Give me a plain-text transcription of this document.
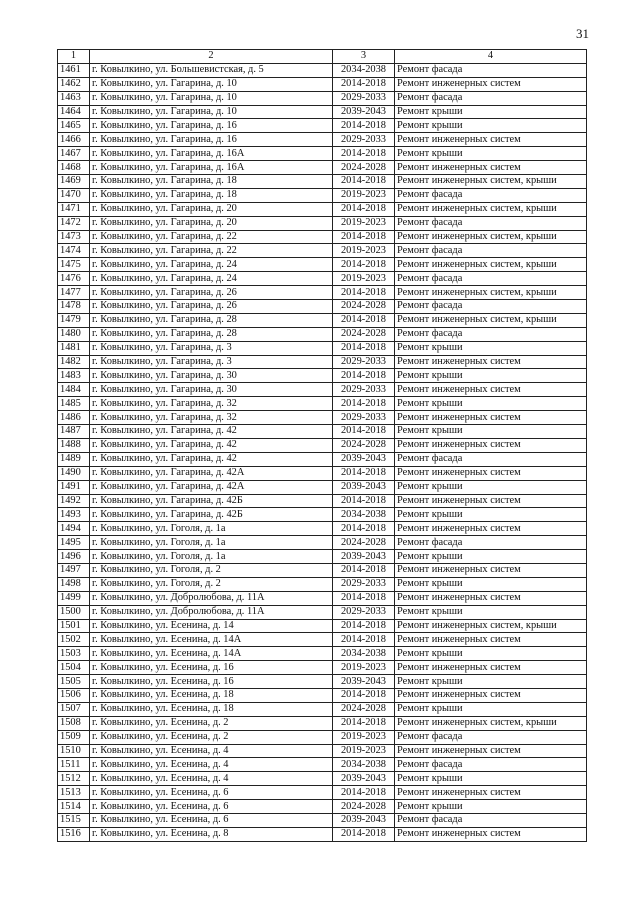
31
1	2	3	4
1461	г. Ковылкино, ул. Большевистская, д. 5	2034-2038	Ремонт фасада
1462	г. Ковылкино, ул. Гагарина, д. 10	2014-2018	Ремонт инженерных систем
1463	г. Ковылкино, ул. Гагарина, д. 10	2029-2033	Ремонт фасада
1464	г. Ковылкино, ул. Гагарина, д. 10	2039-2043	Ремонт крыши
1465	г. Ковылкино, ул. Гагарина, д. 16	2014-2018	Ремонт крыши
1466	г. Ковылкино, ул. Гагарина, д. 16	2029-2033	Ремонт инженерных систем
1467	г. Ковылкино, ул. Гагарина, д. 16А	2014-2018	Ремонт крыши
1468	г. Ковылкино, ул. Гагарина, д. 16А	2024-2028	Ремонт инженерных систем
1469	г. Ковылкино, ул. Гагарина, д. 18	2014-2018	Ремонт инженерных систем, крыши
1470	г. Ковылкино, ул. Гагарина, д. 18	2019-2023	Ремонт фасада
1471	г. Ковылкино, ул. Гагарина, д. 20	2014-2018	Ремонт инженерных систем, крыши
1472	г. Ковылкино, ул. Гагарина, д. 20	2019-2023	Ремонт фасада
1473	г. Ковылкино, ул. Гагарина, д. 22	2014-2018	Ремонт инженерных систем, крыши
1474	г. Ковылкино, ул. Гагарина, д. 22	2019-2023	Ремонт фасада
1475	г. Ковылкино, ул. Гагарина, д. 24	2014-2018	Ремонт инженерных систем, крыши
1476	г. Ковылкино, ул. Гагарина, д. 24	2019-2023	Ремонт фасада
1477	г. Ковылкино, ул. Гагарина, д. 26	2014-2018	Ремонт инженерных систем, крыши
1478	г. Ковылкино, ул. Гагарина, д. 26	2024-2028	Ремонт фасада
1479	г. Ковылкино, ул. Гагарина, д. 28	2014-2018	Ремонт инженерных систем, крыши
1480	г. Ковылкино, ул. Гагарина, д. 28	2024-2028	Ремонт фасада
1481	г. Ковылкино, ул. Гагарина, д. 3	2014-2018	Ремонт крыши
1482	г. Ковылкино, ул. Гагарина, д. 3	2029-2033	Ремонт инженерных систем
1483	г. Ковылкино, ул. Гагарина, д. 30	2014-2018	Ремонт крыши
1484	г. Ковылкино, ул. Гагарина, д. 30	2029-2033	Ремонт инженерных систем
1485	г. Ковылкино, ул. Гагарина, д. 32	2014-2018	Ремонт крыши
1486	г. Ковылкино, ул. Гагарина, д. 32	2029-2033	Ремонт инженерных систем
1487	г. Ковылкино, ул. Гагарина, д. 42	2014-2018	Ремонт крыши
1488	г. Ковылкино, ул. Гагарина, д. 42	2024-2028	Ремонт инженерных систем
1489	г. Ковылкино, ул. Гагарина, д. 42	2039-2043	Ремонт фасада
1490	г. Ковылкино, ул. Гагарина, д. 42А	2014-2018	Ремонт инженерных систем
1491	г. Ковылкино, ул. Гагарина, д. 42А	2039-2043	Ремонт крыши
1492	г. Ковылкино, ул. Гагарина, д. 42Б	2014-2018	Ремонт инженерных систем
1493	г. Ковылкино, ул. Гагарина, д. 42Б	2034-2038	Ремонт крыши
1494	г. Ковылкино, ул. Гоголя, д. 1а	2014-2018	Ремонт инженерных систем
1495	г. Ковылкино, ул. Гоголя, д. 1а	2024-2028	Ремонт фасада
1496	г. Ковылкино, ул. Гоголя, д. 1а	2039-2043	Ремонт крыши
1497	г. Ковылкино, ул. Гоголя, д. 2	2014-2018	Ремонт инженерных систем
1498	г. Ковылкино, ул. Гоголя, д. 2	2029-2033	Ремонт крыши
1499	г. Ковылкино, ул. Добролюбова, д. 11А	2014-2018	Ремонт инженерных систем
1500	г. Ковылкино, ул. Добролюбова, д. 11А	2029-2033	Ремонт крыши
1501	г. Ковылкино, ул. Есенина, д. 14	2014-2018	Ремонт инженерных систем, крыши
1502	г. Ковылкино, ул. Есенина, д. 14А	2014-2018	Ремонт инженерных систем
1503	г. Ковылкино, ул. Есенина, д. 14А	2034-2038	Ремонт крыши
1504	г. Ковылкино, ул. Есенина, д. 16	2019-2023	Ремонт инженерных систем
1505	г. Ковылкино, ул. Есенина, д. 16	2039-2043	Ремонт крыши
1506	г. Ковылкино, ул. Есенина, д. 18	2014-2018	Ремонт инженерных систем
1507	г. Ковылкино, ул. Есенина, д. 18	2024-2028	Ремонт крыши
1508	г. Ковылкино, ул. Есенина, д. 2	2014-2018	Ремонт инженерных систем, крыши
1509	г. Ковылкино, ул. Есенина, д. 2	2019-2023	Ремонт фасада
1510	г. Ковылкино, ул. Есенина, д. 4	2019-2023	Ремонт инженерных систем
1511	г. Ковылкино, ул. Есенина, д. 4	2034-2038	Ремонт фасада
1512	г. Ковылкино, ул. Есенина, д. 4	2039-2043	Ремонт крыши
1513	г. Ковылкино, ул. Есенина, д. 6	2014-2018	Ремонт инженерных систем
1514	г. Ковылкино, ул. Есенина, д. 6	2024-2028	Ремонт крыши
1515	г. Ковылкино, ул. Есенина, д. 6	2039-2043	Ремонт фасада
1516	г. Ковылкино, ул. Есенина, д. 8	2014-2018	Ремонт инженерных систем
